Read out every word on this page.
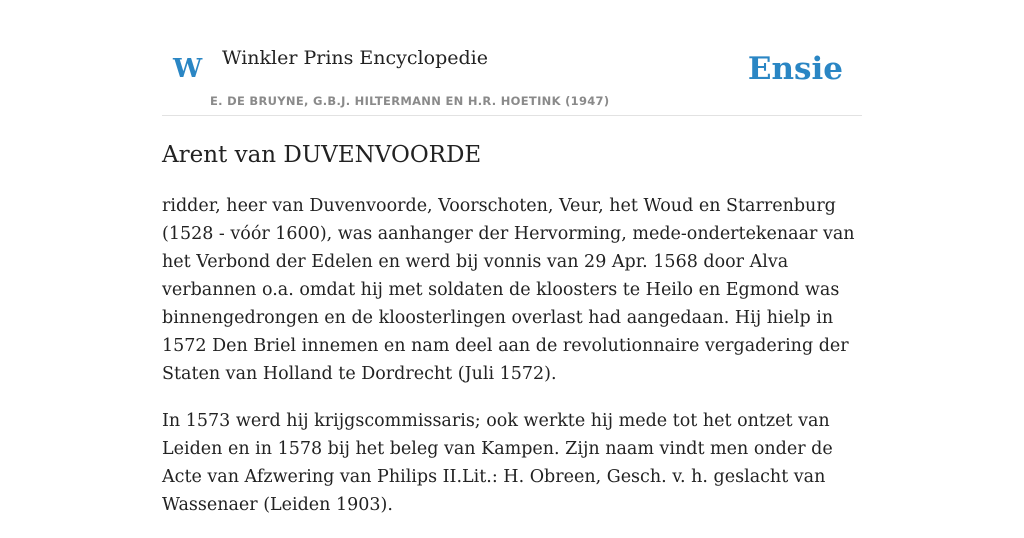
W Winkler Prins Encyclopedie
E. DE BRUYNE, G.B.J. HILTERMANN EN H.R. HOETINK (1947)
Ensie
Arent van DUVENVOORDE

ridder, heer van Duvenvoorde, Voorschoten, Veur, het Woud en Starrenburg (1528 - vóór 1600), was aanhanger der Hervorming, mede-ondertekenaar van het Verbond der Edelen en werd bij vonnis van 29 Apr. 1568 door Alva verbannen o.a. omdat hij met soldaten de kloosters te Heilo en Egmond was binnengedrongen en de kloosterlingen overlast had aangedaan. Hij hielp in 1572 Den Briel innemen en nam deel aan de revolutionnaire vergadering der Staten van Holland te Dordrecht (Juli 1572).

In 1573 werd hij krijgscommissaris; ook werkte hij mede tot het ontzet van Leiden en in 1578 bij het beleg van Kampen. Zijn naam vindt men onder de Acte van Afzwering van Philips II.Lit.: H. Obreen, Gesch. v. h. geslacht van Wassenaer (Leiden 1903).
